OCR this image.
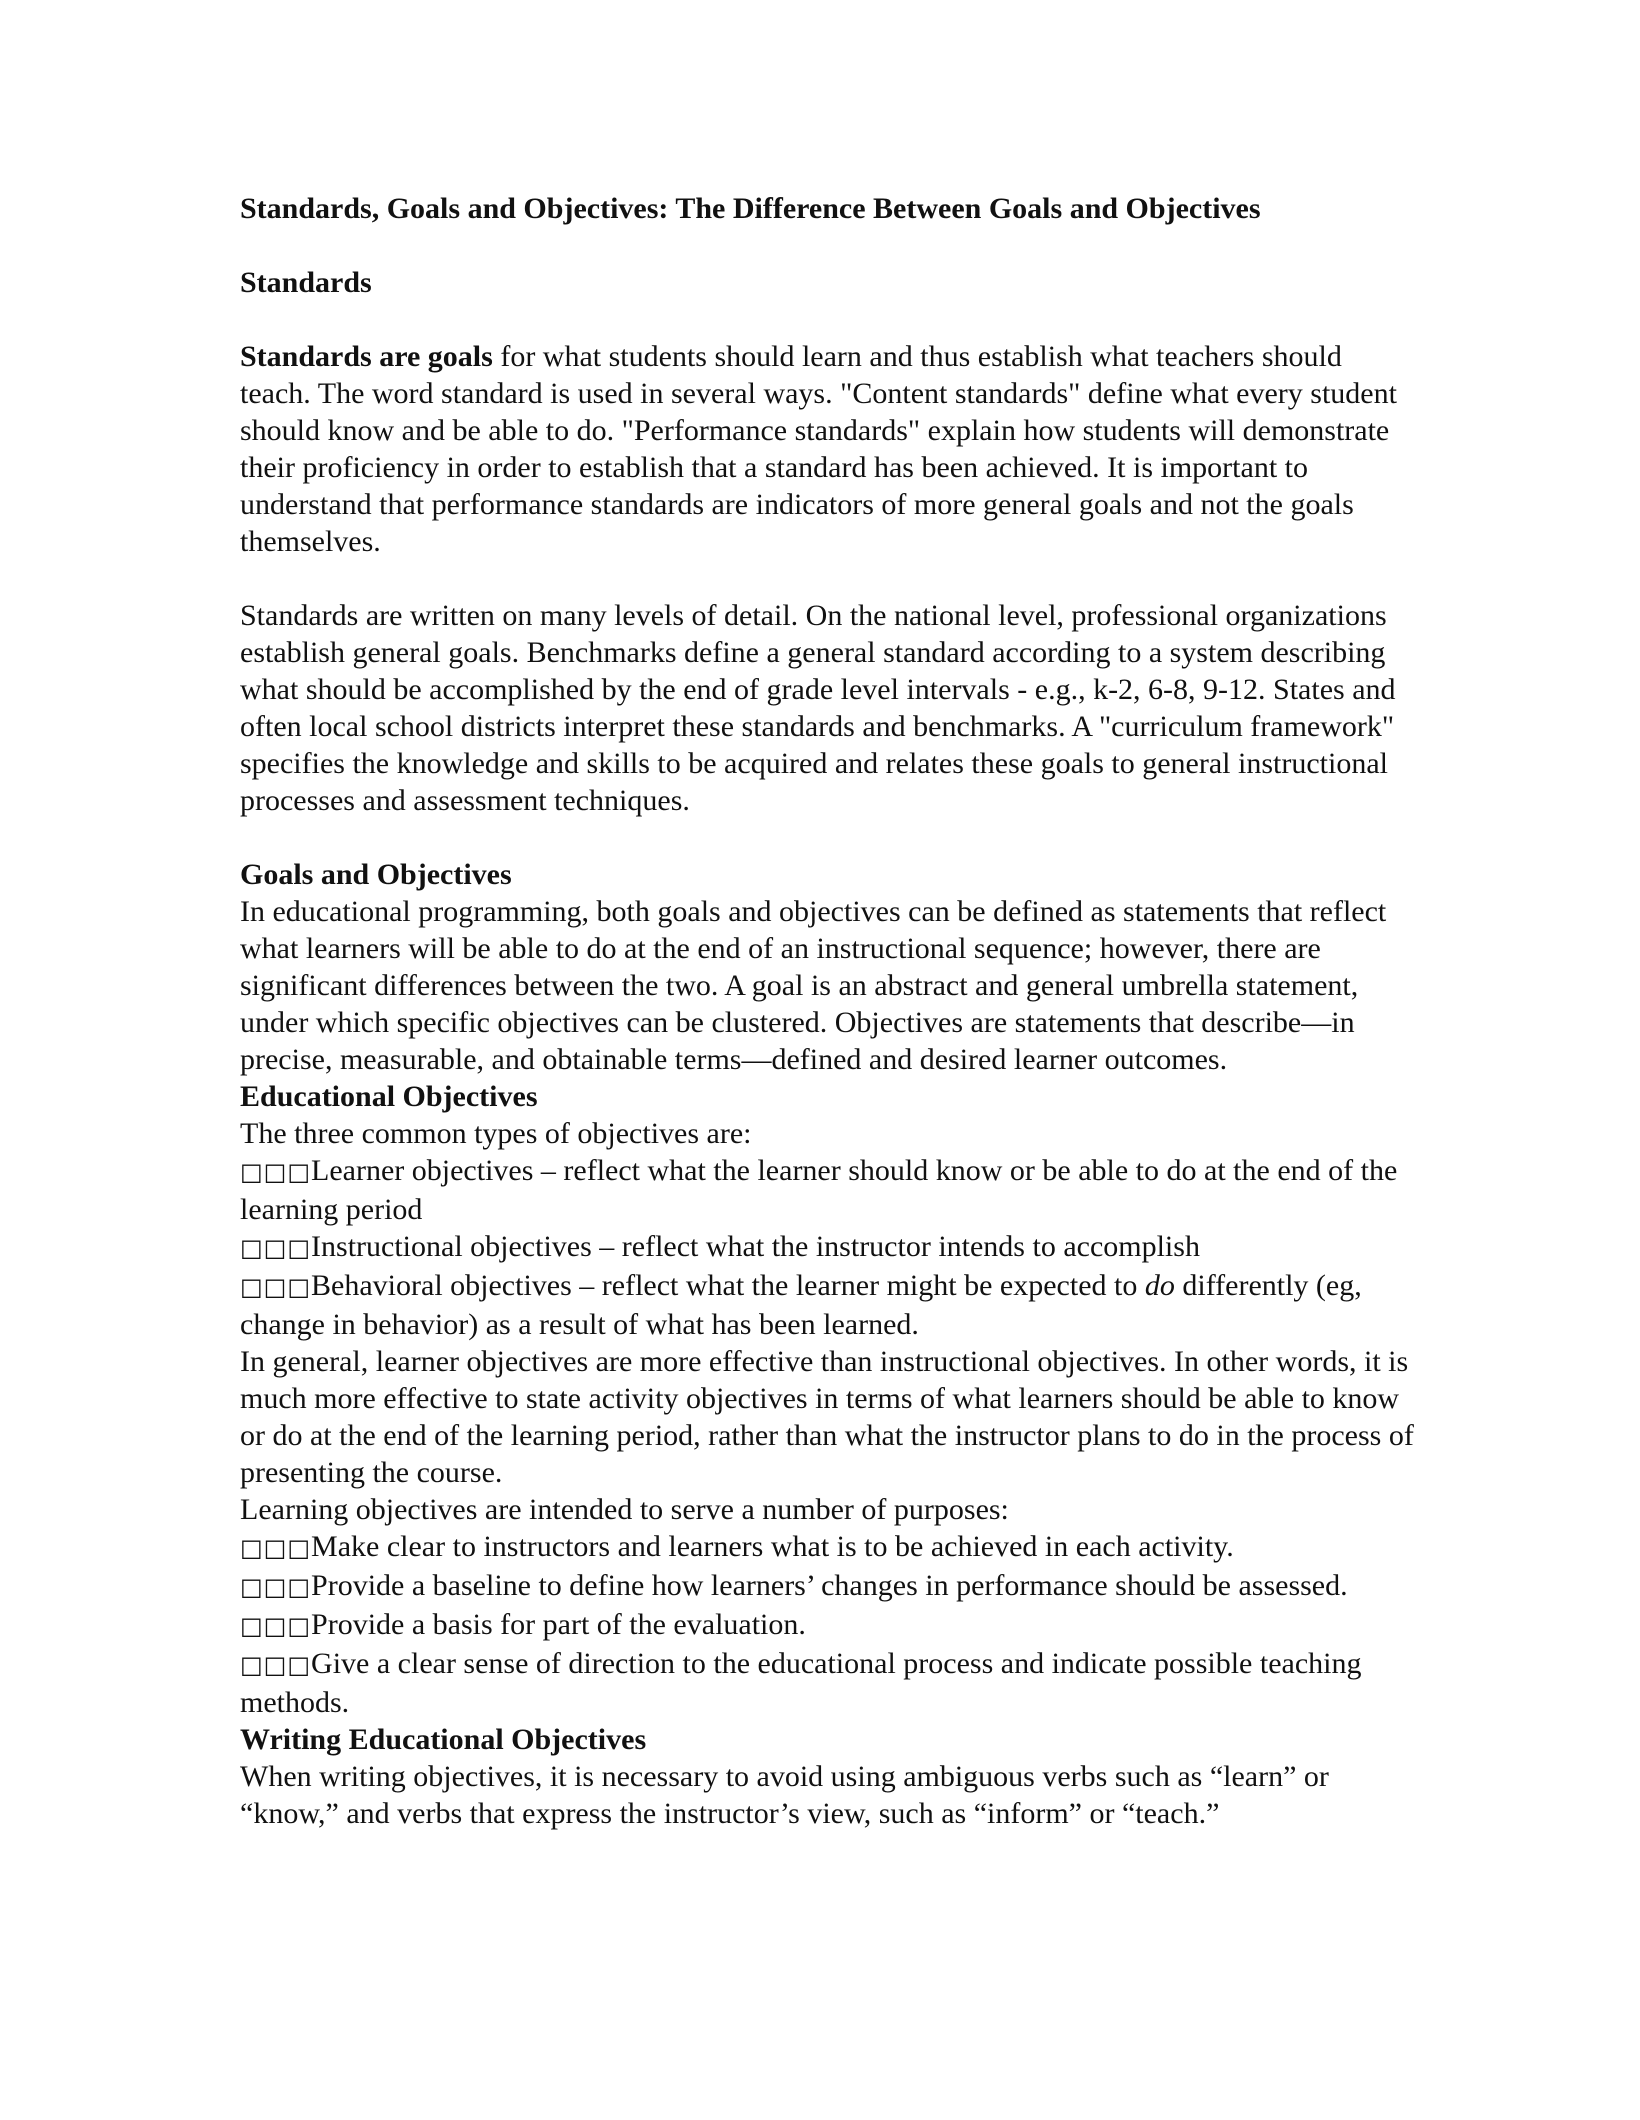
Standards, Goals and Objectives: The Difference Between Goals and Objectives

Standards

Standards are goals for what students should learn and thus establish what teachers should teach. The word standard is used in several ways. "Content standards" define what every student should know and be able to do. "Performance standards" explain how students will demonstrate their proficiency in order to establish that a standard has been achieved. It is important to understand that performance standards are indicators of more general goals and not the goals themselves.

Standards are written on many levels of detail. On the national level, professional organizations establish general goals. Benchmarks define a general standard according to a system describing what should be accomplished by the end of grade level intervals - e.g., k-2, 6-8, 9-12. States and often local school districts interpret these standards and benchmarks. A "curriculum framework" specifies the knowledge and skills to be acquired and relates these goals to general instructional processes and assessment techniques.

Goals and Objectives

In educational programming, both goals and objectives can be defined as statements that reflect what learners will be able to do at the end of an instructional sequence; however, there are significant differences between the two. A goal is an abstract and general umbrella statement, under which specific objectives can be clustered. Objectives are statements that describe—in precise, measurable, and obtainable terms—defined and desired learner outcomes.

Educational Objectives

The three common types of objectives are:

□□□Learner objectives – reflect what the learner should know or be able to do at the end of the learning period

□□□Instructional objectives – reflect what the instructor intends to accomplish

□□□Behavioral objectives – reflect what the learner might be expected to do differently (eg, change in behavior) as a result of what has been learned.

In general, learner objectives are more effective than instructional objectives. In other words, it is much more effective to state activity objectives in terms of what learners should be able to know or do at the end of the learning period, rather than what the instructor plans to do in the process of presenting the course.

Learning objectives are intended to serve a number of purposes:

□□□Make clear to instructors and learners what is to be achieved in each activity.

□□□Provide a baseline to define how learners’ changes in performance should be assessed.

□□□Provide a basis for part of the evaluation.

□□□Give a clear sense of direction to the educational process and indicate possible teaching methods.

Writing Educational Objectives

When writing objectives, it is necessary to avoid using ambiguous verbs such as “learn” or “know,” and verbs that express the instructor’s view, such as “inform” or “teach.”
